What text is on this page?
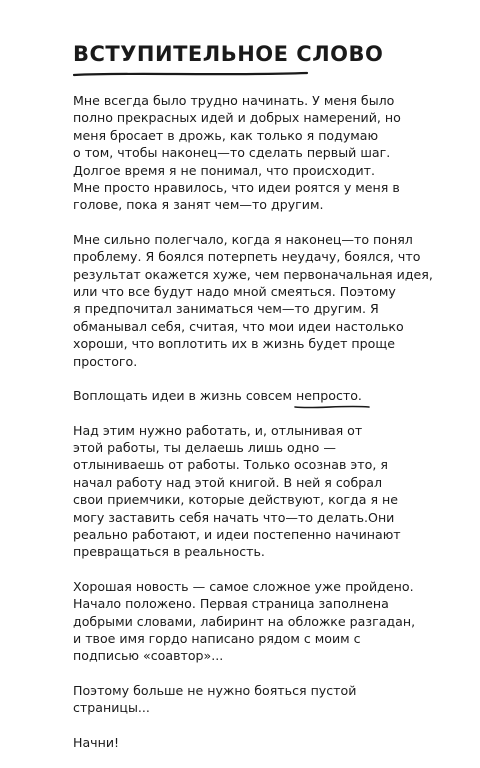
ВСТУПИТЕЛЬНОЕ СЛОВО

Мне всегда было трудно начинать. У меня было
полно прекрасных идей и добрых намерений, но
меня бросает в дрожь, как только я подумаю
о том, чтобы наконец—то сделать первый шаг.
Долгое время я не понимал, что происходит.
Мне просто нравилось, что идеи роятся у меня в
голове, пока я занят чем—то другим.

Мне сильно полегчало, когда я наконец—то понял
проблему. Я боялся потерпеть неудачу, боялся, что
результат окажется хуже, чем первоначальная идея,
или что все будут надо мной смеяться. Поэтому
я предпочитал заниматься чем—то другим. Я
обманывал себя, считая, что мои идеи настолько
хороши, что воплотить их в жизнь будет проще
простого.

Воплощать идеи в жизнь совсем непросто.

Над этим нужно работать, и, отлынивая от
этой работы, ты делаешь лишь одно —
отлыниваешь от работы. Только осознав это, я
начал работу над этой книгой. В ней я собрал
свои приемчики, которые действуют, когда я не
могу заставить себя начать что—то делать.Они
реально работают, и идеи постепенно начинают
превращаться в реальность.

Хорошая новость — самое сложное уже пройдено.
Начало положено. Первая страница заполнена
добрыми словами, лабиринт на обложке разгадан,
и твое имя гордо написано рядом с моим с
подписью «соавтор»...

Поэтому больше не нужно бояться пустой
страницы...

Начни!
